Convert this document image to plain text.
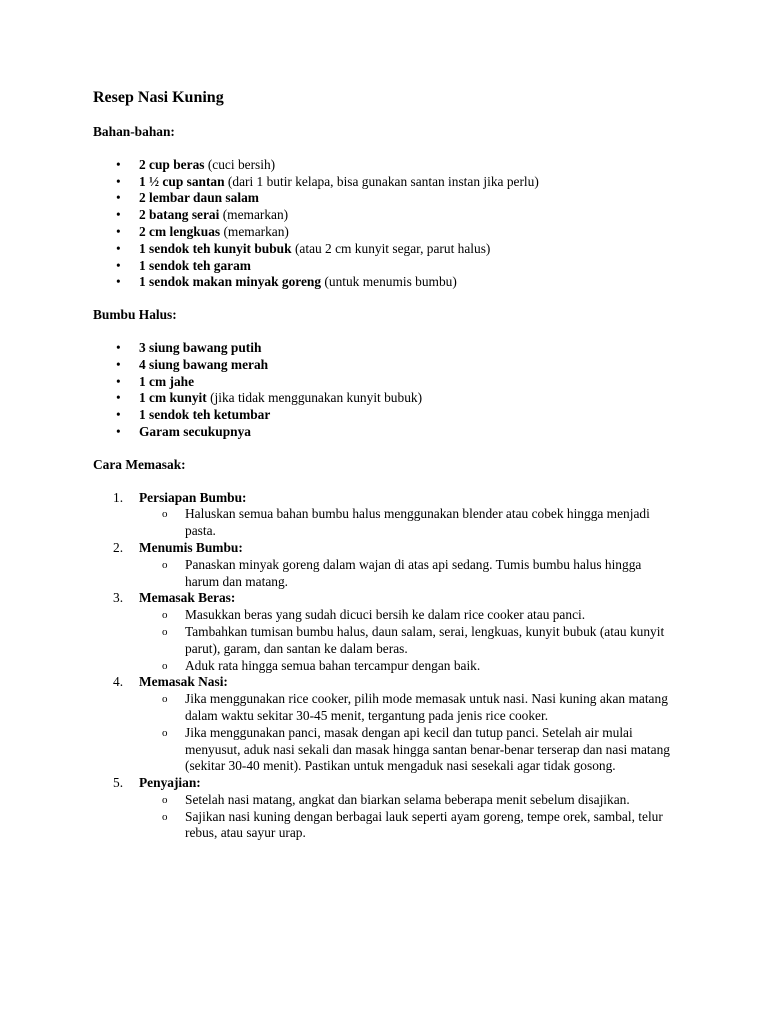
Resep Nasi Kuning

Bahan-bahan:

• 2 cup beras (cuci bersih)
• 1 ½ cup santan (dari 1 butir kelapa, bisa gunakan santan instan jika perlu)
• 2 lembar daun salam
• 2 batang serai (memarkan)
• 2 cm lengkuas (memarkan)
• 1 sendok teh kunyit bubuk (atau 2 cm kunyit segar, parut halus)
• 1 sendok teh garam
• 1 sendok makan minyak goreng (untuk menumis bumbu)

Bumbu Halus:

• 3 siung bawang putih
• 4 siung bawang merah
• 1 cm jahe
• 1 cm kunyit (jika tidak menggunakan kunyit bubuk)
• 1 sendok teh ketumbar
• Garam secukupnya

Cara Memasak:

1. Persiapan Bumbu:
o Haluskan semua bahan bumbu halus menggunakan blender atau cobek hingga menjadi pasta.
2. Menumis Bumbu:
o Panaskan minyak goreng dalam wajan di atas api sedang. Tumis bumbu halus hingga harum dan matang.
3. Memasak Beras:
o Masukkan beras yang sudah dicuci bersih ke dalam rice cooker atau panci.
o Tambahkan tumisan bumbu halus, daun salam, serai, lengkuas, kunyit bubuk (atau kunyit parut), garam, dan santan ke dalam beras.
o Aduk rata hingga semua bahan tercampur dengan baik.
4. Memasak Nasi:
o Jika menggunakan rice cooker, pilih mode memasak untuk nasi. Nasi kuning akan matang dalam waktu sekitar 30-45 menit, tergantung pada jenis rice cooker.
o Jika menggunakan panci, masak dengan api kecil dan tutup panci. Setelah air mulai menyusut, aduk nasi sekali dan masak hingga santan benar-benar terserap dan nasi matang (sekitar 30-40 menit). Pastikan untuk mengaduk nasi sesekali agar tidak gosong.
5. Penyajian:
o Setelah nasi matang, angkat dan biarkan selama beberapa menit sebelum disajikan.
o Sajikan nasi kuning dengan berbagai lauk seperti ayam goreng, tempe orek, sambal, telur rebus, atau sayur urap.
